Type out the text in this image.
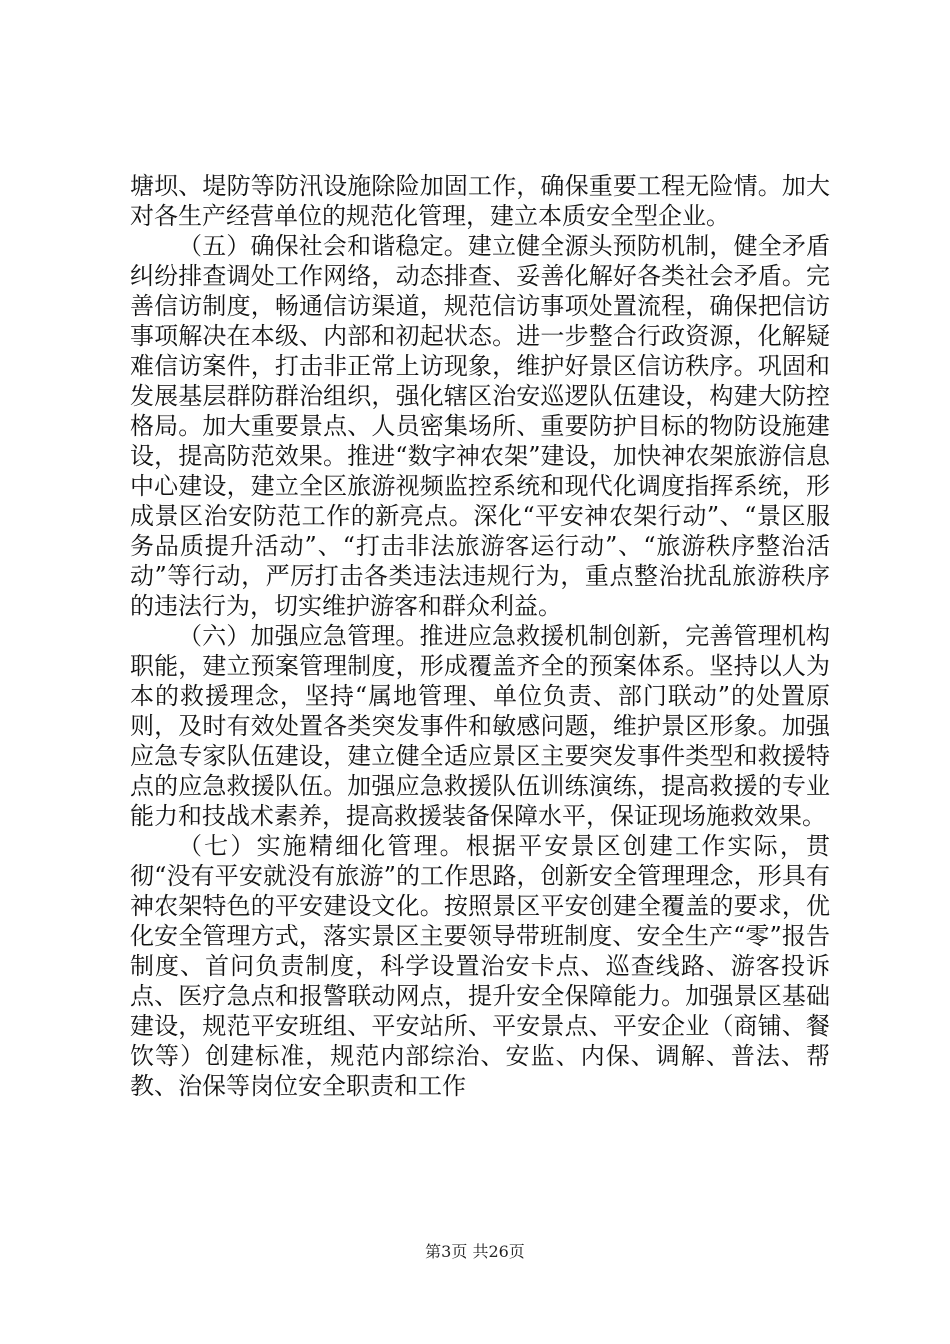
塘坝、堤防等防汛设施除险加固工作，确保重要工程无险情。加大对各生产经营单位的规范化管理，建立本质安全型企业。

（五）确保社会和谐稳定。建立健全源头预防机制，健全矛盾纠纷排查调处工作网络，动态排查、妥善化解好各类社会矛盾。完善信访制度，畅通信访渠道，规范信访事项处置流程，确保把信访事项解决在本级、内部和初起状态。进一步整合行政资源，化解疑难信访案件，打击非正常上访现象，维护好景区信访秩序。巩固和发展基层群防群治组织，强化辖区治安巡逻队伍建设，构建大防控格局。加大重要景点、人员密集场所、重要防护目标的物防设施建设，提高防范效果。推进“数字神农架”建设，加快神农架旅游信息中心建设，建立全区旅游视频监控系统和现代化调度指挥系统，形成景区治安防范工作的新亮点。深化“平安神农架行动”、“景区服务品质提升活动”、“打击非法旅游客运行动”、“旅游秩序整治活动”等行动，严厉打击各类违法违规行为，重点整治扰乱旅游秩序的违法行为，切实维护游客和群众利益。

（六）加强应急管理。推进应急救援机制创新，完善管理机构职能，建立预案管理制度，形成覆盖齐全的预案体系。坚持以人为本的救援理念，坚持“属地管理、单位负责、部门联动”的处置原则，及时有效处置各类突发事件和敏感问题，维护景区形象。加强应急专家队伍建设，建立健全适应景区主要突发事件类型和救援特点的应急救援队伍。加强应急救援队伍训练演练，提高救援的专业能力和技战术素养，提高救援装备保障水平，保证现场施救效果。

（七）实施精细化管理。根据平安景区创建工作实际，贯彻“没有平安就没有旅游”的工作思路，创新安全管理理念，形具有神农架特色的平安建设文化。按照景区平安创建全覆盖的要求，优化安全管理方式，落实景区主要领导带班制度、安全生产“零”报告制度、首问负责制度，科学设置治安卡点、巡查线路、游客投诉点、医疗急点和报警联动网点，提升安全保障能力。加强景区基础建设，规范平安班组、平安站所、平安景点、平安企业（商铺、餐饮等）创建标准，规范内部综治、安监、内保、调解、普法、帮教、治保等岗位安全职责和工作

第3页 共26页
